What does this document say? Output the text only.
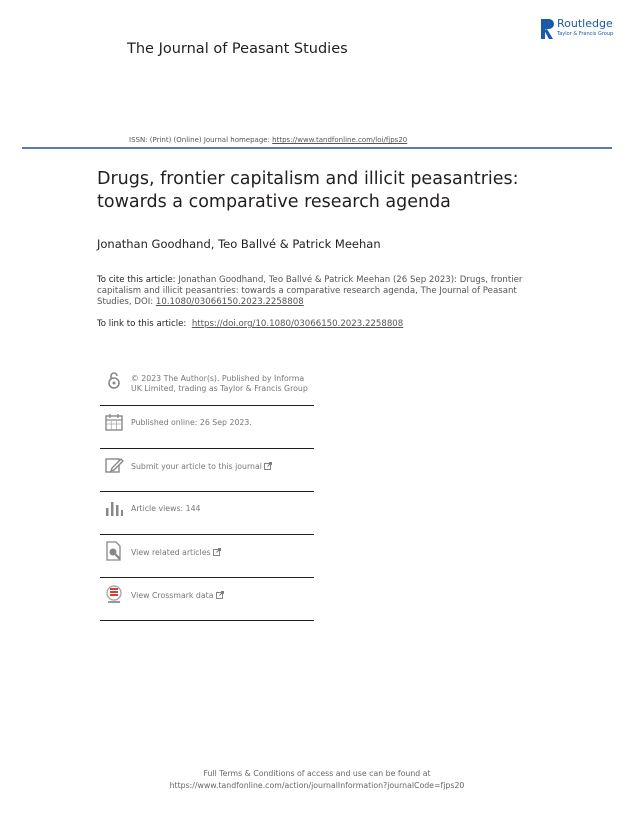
Routledge
Taylor & Francis Group
The Journal of Peasant Studies
ISSN: (Print) (Online) Journal homepage: https://www.tandfonline.com/loi/fjps20
Drugs, frontier capitalism and illicit peasantries: towards a comparative research agenda
Jonathan Goodhand, Teo Ballvé & Patrick Meehan
To cite this article: Jonathan Goodhand, Teo Ballvé & Patrick Meehan (26 Sep 2023): Drugs, frontier capitalism and illicit peasantries: towards a comparative research agenda, The Journal of Peasant Studies, DOI: 10.1080/03066150.2023.2258808
To link to this article: https://doi.org/10.1080/03066150.2023.2258808
© 2023 The Author(s). Published by Informa UK Limited, trading as Taylor & Francis Group
Published online: 26 Sep 2023.
Submit your article to this journal
Article views: 144
View related articles
View Crossmark data
Full Terms & Conditions of access and use can be found at
https://www.tandfonline.com/action/journalInformation?journalCode=fjps20
